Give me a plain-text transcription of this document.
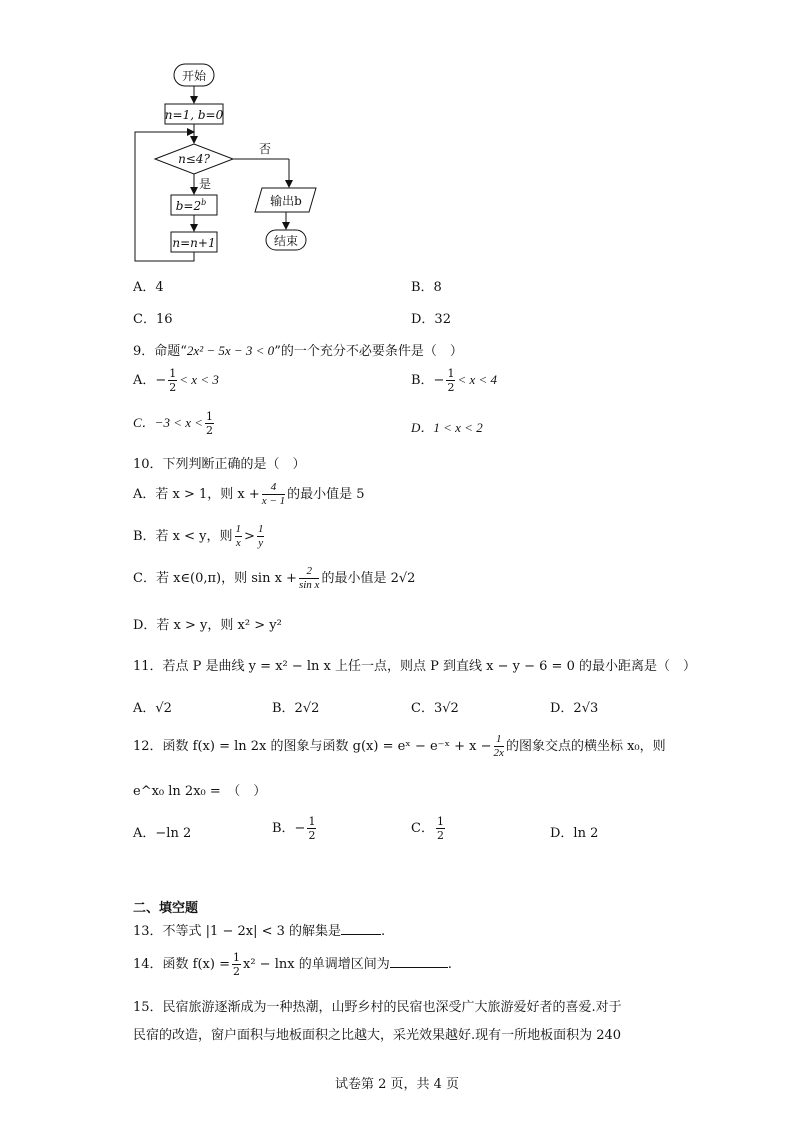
开始
n=1, b=0
n≤4?
否
是
$b=2^b$
n=n+1
输出b
结束
A．4	B．8
C．16	D．32
9．命题“2x² − 5x − 3 < 0”的一个充分不必要条件是（　）
A．− $\frac{1}{2} < x < 3$	B．− $\frac{1}{2} < x < 4$
C．$-3 < x < \frac{1}{2}$	D．1 < x < 2
10．下列判断正确的是（　）
A．若 x > 1，则 $x + \frac{4}{x - 1}$ 的最小值是 5
B．若 x < y，则 $\frac{1}{x} > \frac{1}{y}$
C．若 x∈(0,π)，则 $\sin x + \frac{2}{\text{sin x}}$ 的最小值是 2√2
D．若 x > y，则 x² > y²
11．若点 P 是曲线 y = x² − ln x 上任一点，则点 P 到直线 x − y − 6 = 0 的最小距离是（　）
A．√2	B．2√2	C．3√2	D．2√3
12．函数 f(x) = ln 2x 的图象与函数 g(x) = eˣ − e⁻ˣ + $x - \frac{1}{2x}$ 的图象交点的横坐标 x₀，则
e^x₀ ln 2x₀ =　（　）
A．−ln 2	B．− $\frac{1}{2}$	C． $\frac{1}{2}$	D．ln 2
二、填空题
13．不等式 |1 − 2x| < 3 的解集是	.
14．函数 $f(x) = \frac{1}{2} x^2 - \ln x$ 的单调增区间为	.
15．民宿旅游逐渐成为一种热潮，山野乡村的民宿也深受广大旅游爱好者的喜爱.对于
民宿的改造，窗户面积与地板面积之比越大，采光效果越好.现有一所地板面积为 240
试卷第 2 页，共 4 页
